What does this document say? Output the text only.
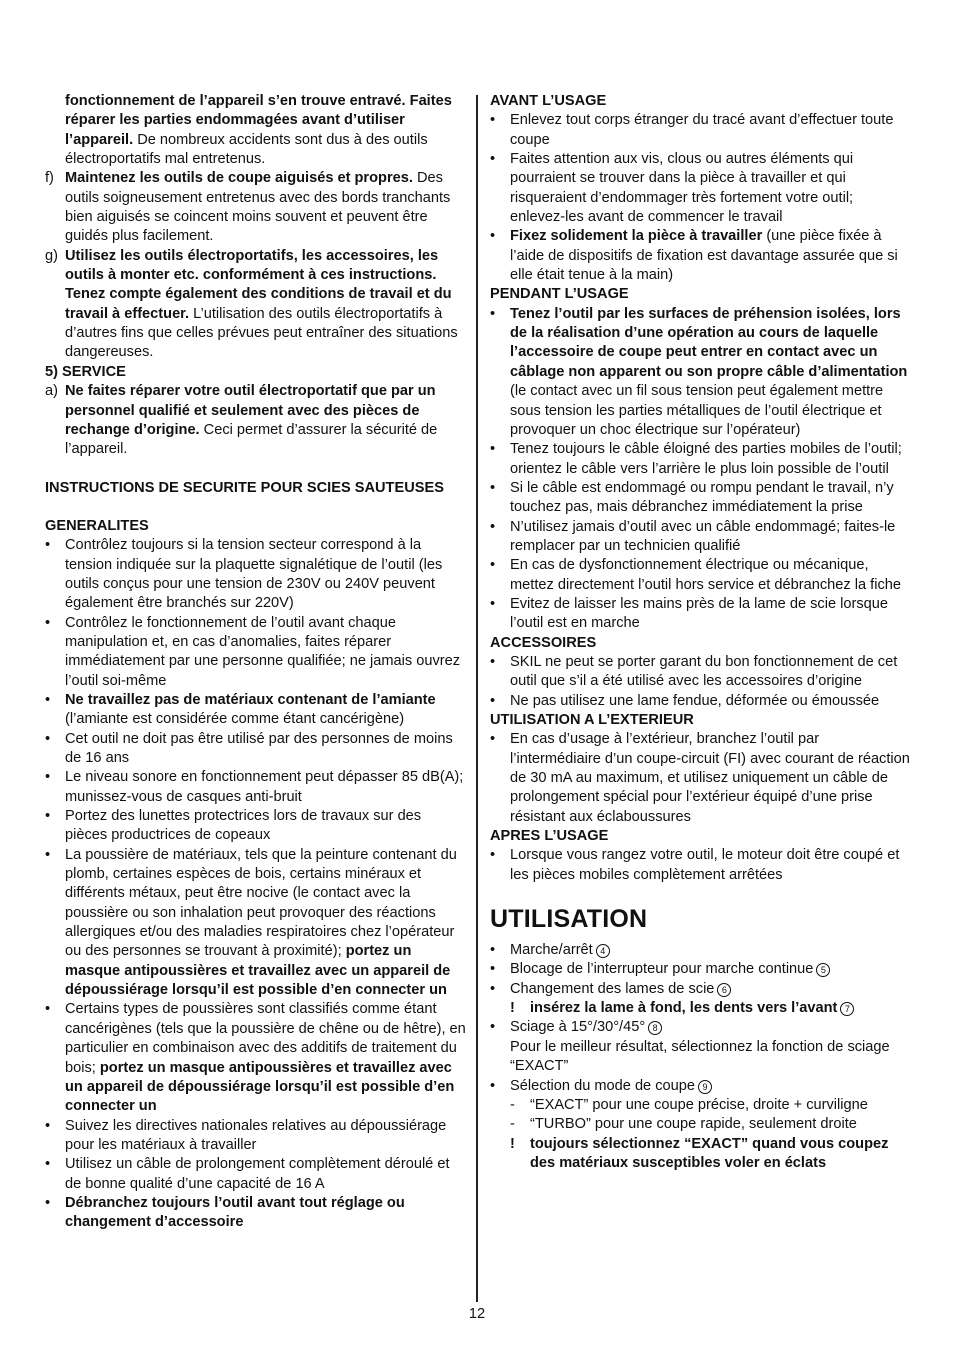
fonctionnement de l’appareil s’en trouve entravé. Faites réparer les parties endommagées avant d’utiliser l’appareil. De nombreux accidents sont dus à des outils électroportatifs mal entretenus.
f) Maintenez les outils de coupe aiguisés et propres. Des outils soigneusement entretenus avec des bords tranchants bien aiguisés se coincent moins souvent et peuvent être guidés plus facilement.
g) Utilisez les outils électroportatifs, les accessoires, les outils à monter etc. conformément à ces instructions. Tenez compte également des conditions de travail et du travail à effectuer. L’utilisation des outils électroportatifs à d’autres fins que celles prévues peut entraîner des situations dangereuses.
5) SERVICE
a) Ne faites réparer votre outil électroportatif que par un personnel qualifié et seulement avec des pièces de rechange d’origine. Ceci permet d’assurer la sécurité de l’appareil.
INSTRUCTIONS DE SECURITE POUR SCIES SAUTEUSES
GENERALITES
• Contrôlez toujours si la tension secteur correspond à la tension indiquée sur la plaquette signalétique de l’outil (les outils conçus pour une tension de 230V ou 240V peuvent également être branchés sur 220V)
• Contrôlez le fonctionnement de l’outil avant chaque manipulation et, en cas d’anomalies, faites réparer immédiatement par une personne qualifiée; ne jamais ouvrez l’outil soi-même
• Ne travaillez pas de matériaux contenant de l’amiante (l’amiante est considérée comme étant cancérigène)
• Cet outil ne doit pas être utilisé par des personnes de moins de 16 ans
• Le niveau sonore en fonctionnement peut dépasser 85 dB(A); munissez-vous de casques anti-bruit
• Portez des lunettes protectrices lors de travaux sur des pièces productrices de copeaux
• La poussière de matériaux, tels que la peinture contenant du plomb, certaines espèces de bois, certains minéraux et différents métaux, peut être nocive (le contact avec la poussière ou son inhalation peut provoquer des réactions allergiques et/ou des maladies respiratoires chez l’opérateur ou des personnes se trouvant à proximité); portez un masque antipoussières et travaillez avec un appareil de dépoussiérage lorsqu’il est possible d’en connecter un
• Certains types de poussières sont classifiés comme étant cancérigènes (tels que la poussière de chêne ou de hêtre), en particulier en combinaison avec des additifs de traitement du bois; portez un masque antipoussières et travaillez avec un appareil de dépoussiérage lorsqu’il est possible d’en connecter un
• Suivez les directives nationales relatives au dépoussiérage pour les matériaux à travailler
• Utilisez un câble de prolongement complètement déroulé et de bonne qualité d’une capacité de 16 A
• Débranchez toujours l’outil avant tout réglage ou changement d’accessoire
AVANT L’USAGE
• Enlevez tout corps étranger du tracé avant d’effectuer toute coupe
• Faites attention aux vis, clous ou autres éléments qui pourraient se trouver dans la pièce à travailler et qui risqueraient d’endommager très fortement votre outil; enlevez-les avant de commencer le travail
• Fixez solidement la pièce à travailler (une pièce fixée à l’aide de dispositifs de fixation est davantage assurée que si elle était tenue à la main)
PENDANT L’USAGE
• Tenez l’outil par les surfaces de préhension isolées, lors de la réalisation d’une opération au cours de laquelle l’accessoire de coupe peut entrer en contact avec un câblage non apparent ou son propre câble d’alimentation (le contact avec un fil sous tension peut également mettre sous tension les parties métalliques de l’outil électrique et provoquer un choc électrique sur l’opérateur)
• Tenez toujours le câble éloigné des parties mobiles de l’outil; orientez le câble vers l’arrière le plus loin possible de l’outil
• Si le câble est endommagé ou rompu pendant le travail, n’y touchez pas, mais débranchez immédiatement la prise
• N’utilisez jamais d’outil avec un câble endommagé; faites-le remplacer par un technicien qualifié
• En cas de dysfonctionnement électrique ou mécanique, mettez directement l’outil hors service et débranchez la fiche
• Evitez de laisser les mains près de la lame de scie lorsque l’outil est en marche
ACCESSOIRES
• SKIL ne peut se porter garant du bon fonctionnement de cet outil que s’il a été utilisé avec les accessoires d’origine
• Ne pas utilisez une lame fendue, déformée ou émoussée
UTILISATION A L’EXTERIEUR
• En cas d’usage à l’extérieur, branchez l’outil par l’intermédiaire d’un coupe-circuit (FI) avec courant de réaction de 30 mA au maximum, et utilisez uniquement un câble de prolongement spécial pour l’extérieur équipé d’une prise résistant aux éclaboussures
APRES L’USAGE
• Lorsque vous rangez votre outil, le moteur doit être coupé et les pièces mobiles complètement arrêtées
UTILISATION
• Marche/arrêt 4
• Blocage de l’interrupteur pour marche continue 5
• Changement des lames de scie 6
! insérez la lame à fond, les dents vers l’avant 7
• Sciage à 15°/30°/45° 8
Pour le meilleur résultat, sélectionnez la fonction de sciage “EXACT”
• Sélection du mode de coupe 9
- “EXACT” pour une coupe précise, droite + curviligne
- “TURBO” pour une coupe rapide, seulement droite
! toujours sélectionnez “EXACT” quand vous coupez des matériaux susceptibles voler en éclats
12
